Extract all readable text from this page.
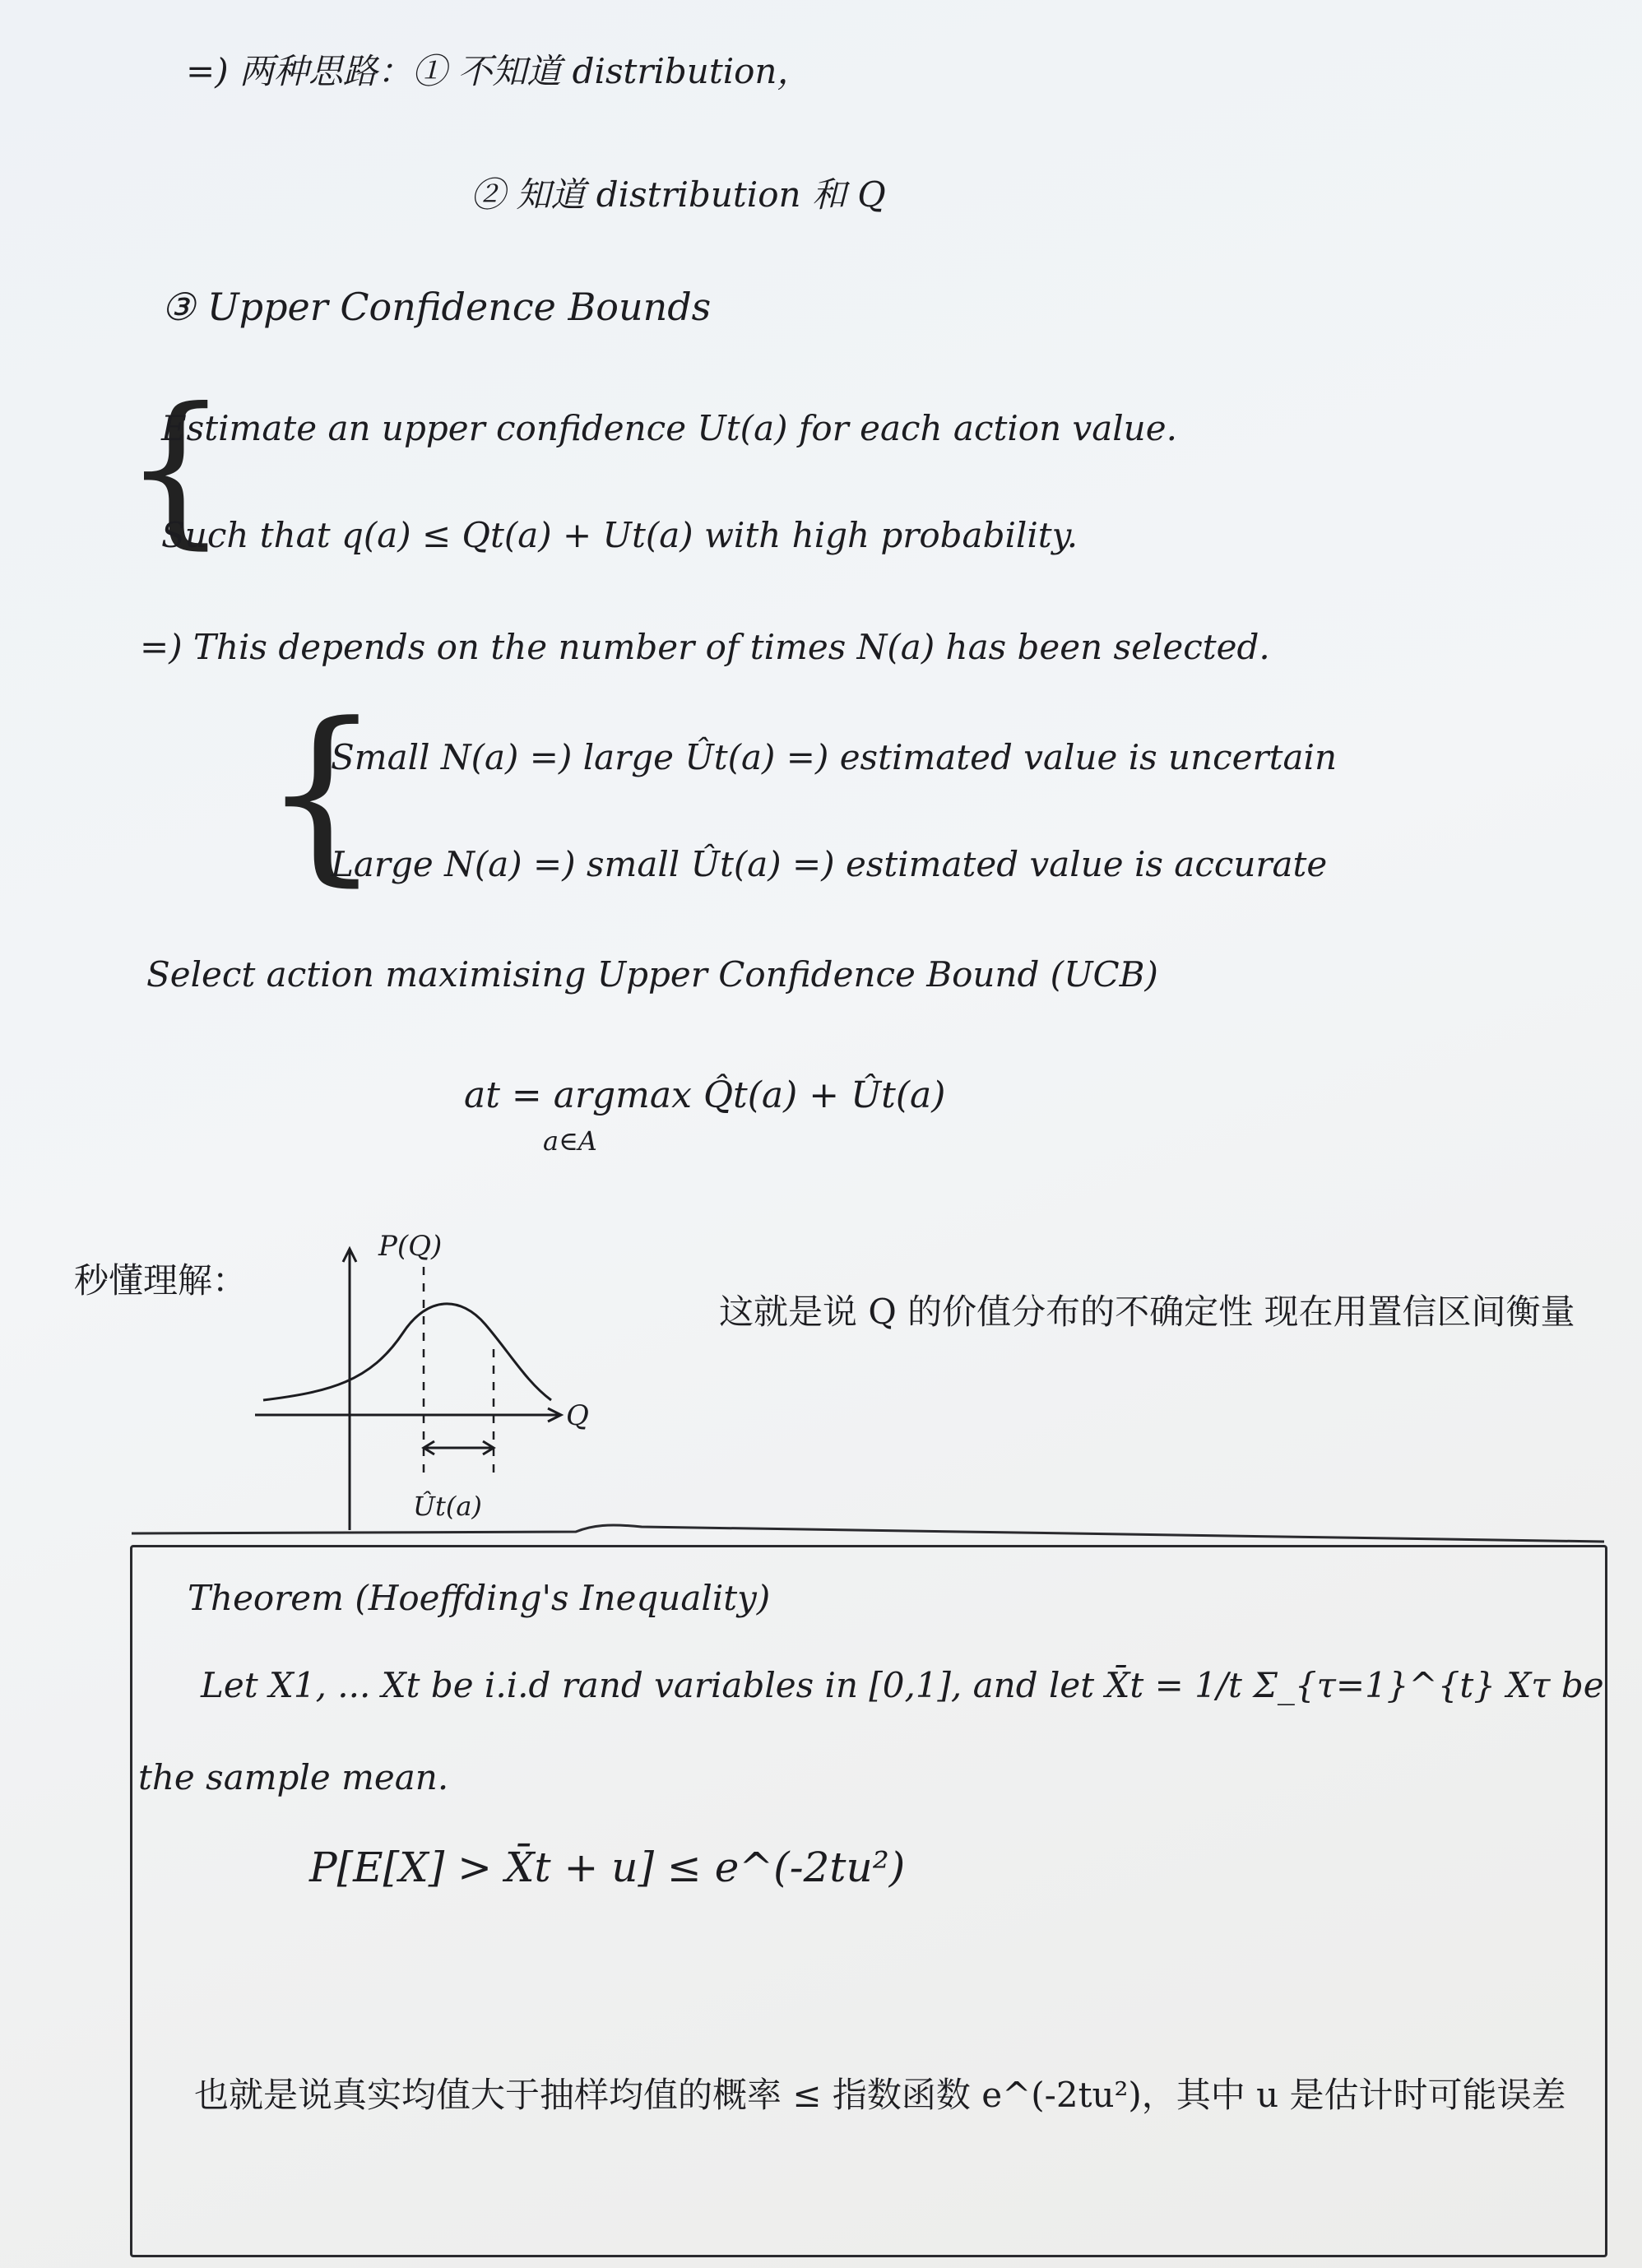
=) 两种思路：① 不知道 distribution，
② 知道 distribution 和 Q
③ Upper Confidence Bounds
{
Estimate an upper confidence Ut(a) for each action value.
Such that q(a) ≤ Qt(a) + Ut(a) with high probability.
=) This depends on the number of times N(a) has been selected.
{
Small N(a) =) large Ût(a) =) estimated value is uncertain
Large N(a) =) small Ût(a) =) estimated value is accurate
Select action maximising Upper Confidence Bound (UCB)
at = argmax Q̂t(a) + Ût(a)
a∈A
秒懂理解：
P(Q)
Q
Ût(a)
这就是说 Q 的价值分布的不确定性 现在用置信区间衡量
Theorem (Hoeffding's Inequality)
Let X1, ... Xt be i.i.d rand variables in [0,1], and let X̄t = 1/t Σ_{τ=1}^{t} Xτ be
the sample mean.
P[E[X] > X̄t + u] ≤ e^(-2tu²)
也就是说真实均值大于抽样均值的概率 ≤ 指数函数 e^(-2tu²)，其中 u 是估计时可能误差
